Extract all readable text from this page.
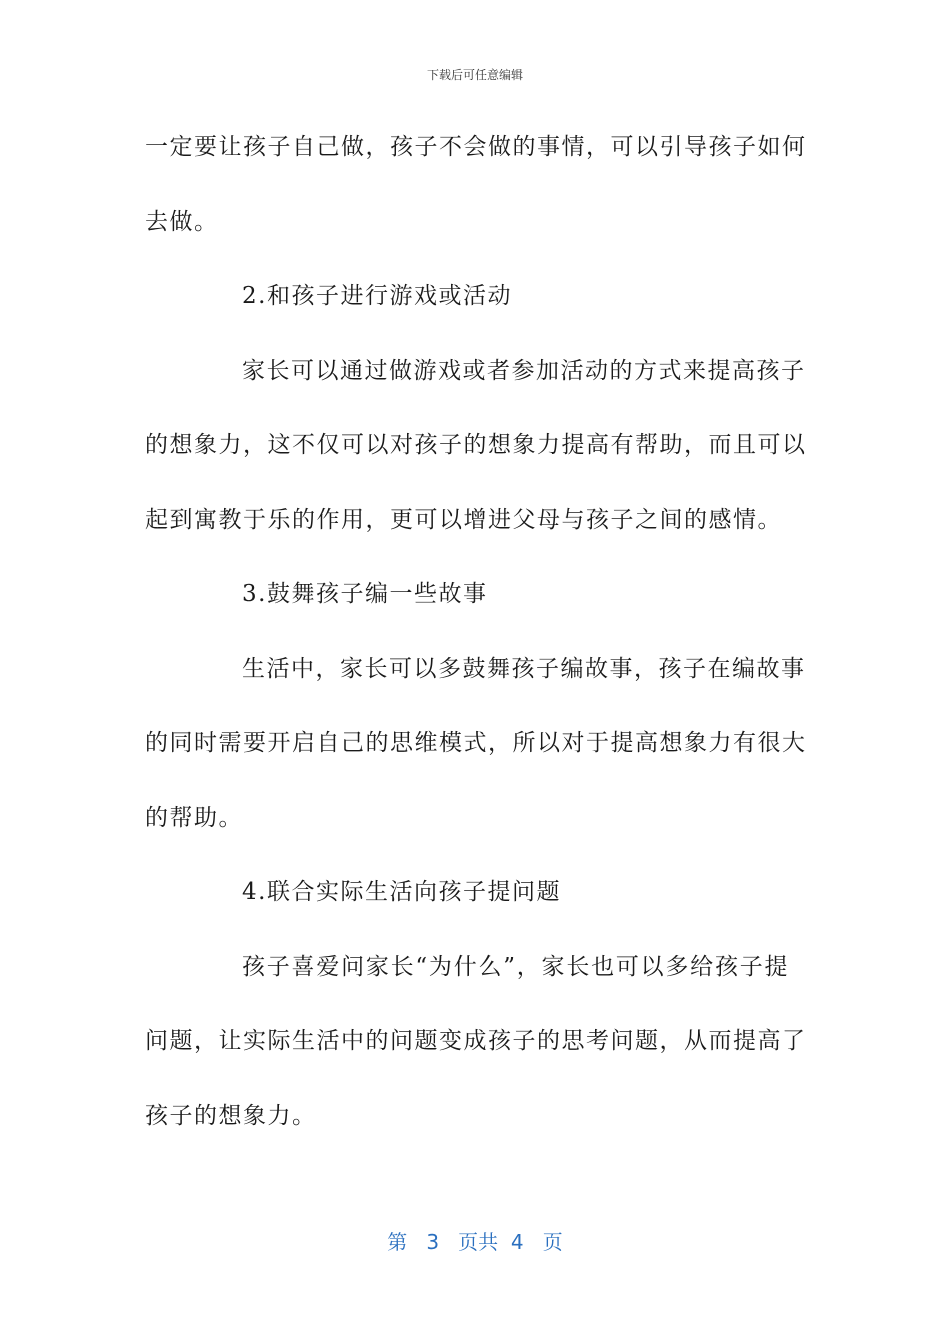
下载后可任意编辑
一定要让孩子自己做，孩子不会做的事情，可以引导孩子如何
去做。
2.和孩子进行游戏或活动
家长可以通过做游戏或者参加活动的方式来提高孩子
的想象力，这不仅可以对孩子的想象力提高有帮助，而且可以
起到寓教于乐的作用，更可以增进父母与孩子之间的感情。
3.鼓舞孩子编一些故事
生活中，家长可以多鼓舞孩子编故事，孩子在编故事
的同时需要开启自己的思维模式，所以对于提高想象力有很大
的帮助。
4.联合实际生活向孩子提问题
孩子喜爱问家长“为什么”，家长也可以多给孩子提
问题，让实际生活中的问题变成孩子的思考问题，从而提高了
孩子的想象力。
第 3 页共 4 页
